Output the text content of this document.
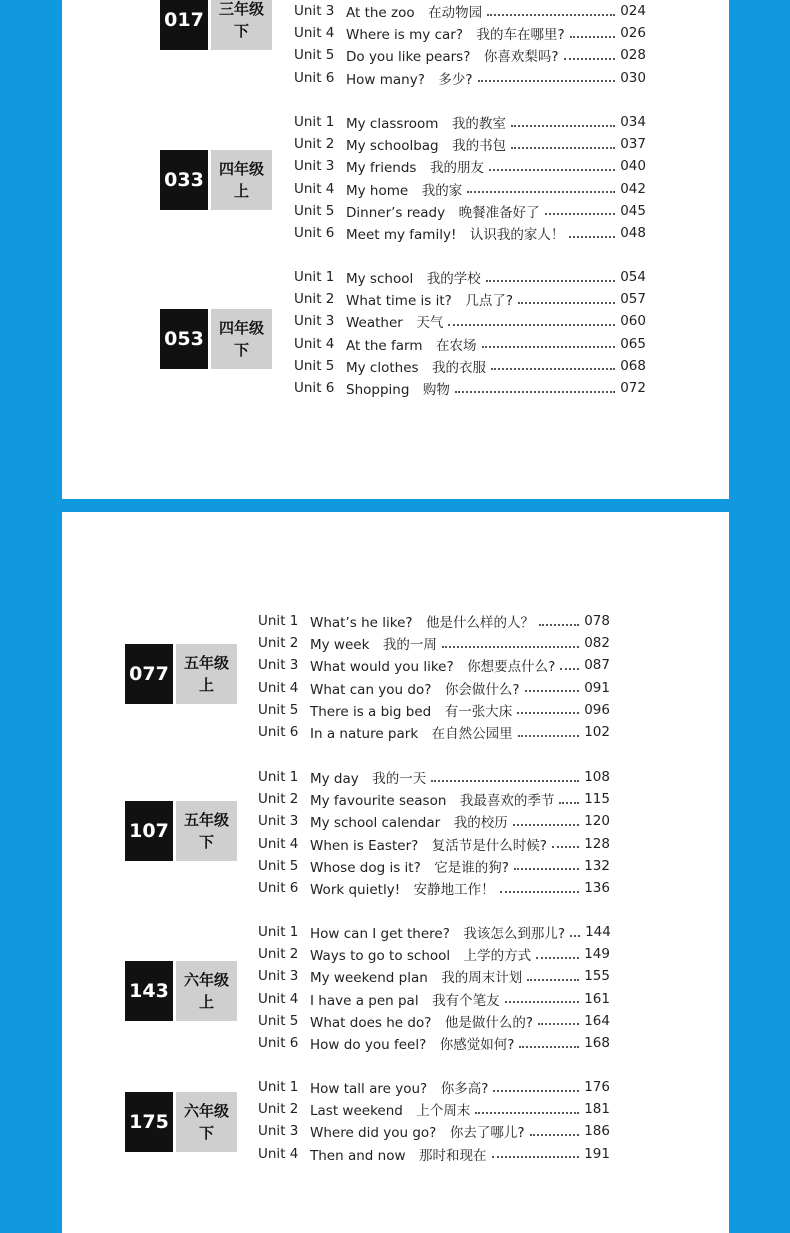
017 三年级
下
Unit 3 At the zoo　在动物园	024
Unit 4 Where is my car?　我的车在哪里?	026
Unit 5 Do you like pears?　你喜欢梨吗?	028
Unit 6 How many?　多少?	030
033 四年级
上
Unit 1 My classroom　我的教室	034
Unit 2 My schoolbag　我的书包	037
Unit 3 My friends　我的朋友	040
Unit 4 My home　我的家	042
Unit 5 Dinner’s ready　晚餐准备好了	045
Unit 6 Meet my family!　认识我的家人！	048
053 四年级
下
Unit 1 My school　我的学校	054
Unit 2 What time is it?　几点了?	057
Unit 3 Weather　天气	060
Unit 4 At the farm　在农场	065
Unit 5 My clothes　我的衣服	068
Unit 6 Shopping　购物	072
077 五年级
上
Unit 1 What’s he like?　他是什么样的人？	078
Unit 2 My week　我的一周	082
Unit 3 What would you like?　你想要点什么? 087
Unit 4 What can you do?　你会做什么?	091
Unit 5 There is a big bed　有一张大床	096
Unit 6 In a nature park　在自然公园里	102
107 五年级
下
Unit 1 My day　我的一天	108
Unit 2 My favourite season　我最喜欢的季节 115
Unit 3 My school calendar　我的校历	120
Unit 4 When is Easter?　复活节是什么时候?	128
Unit 5 Whose dog is it?　它是谁的狗?	132
Unit 6 Work quietly!　安静地工作！	136
143 六年级
上
Unit 1 How can I get there?　我该怎么到那儿? 144
Unit 2 Ways to go to school　上学的方式	149
Unit 3 My weekend plan　我的周末计划	155
Unit 4 I have a pen pal　我有个笔友	161
Unit 5 What does he do?　他是做什么的?	164
Unit 6 How do you feel?　你感觉如何?	168
175 六年级
下
Unit 1 How tall are you?　你多高?	176
Unit 2 Last weekend　上个周末	181
Unit 3 Where did you go?　你去了哪儿?	186
Unit 4 Then and now　那时和现在	191
